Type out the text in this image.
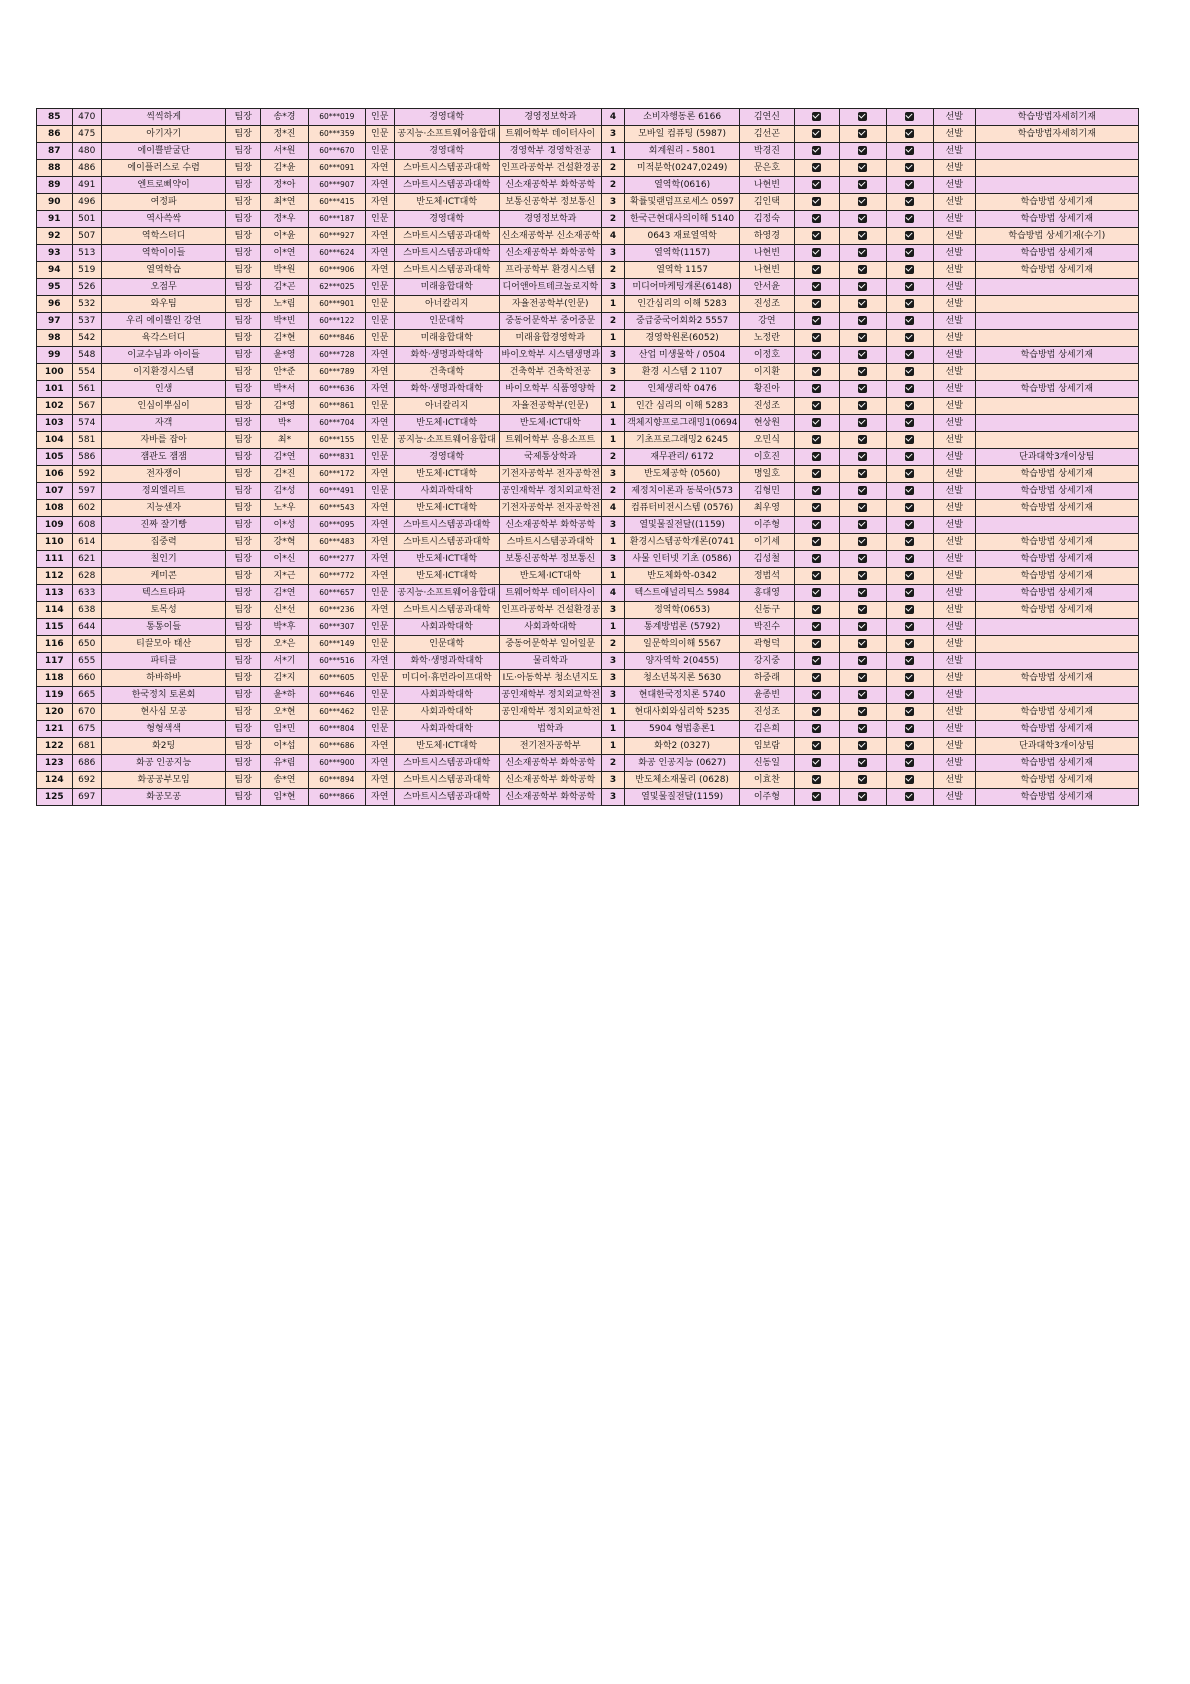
85	470	씩씩하게	팀장	송*경	60***019	인문	경영대학	경영정보학과	4	소비자행동론 6166	김연신				선발	학습방법자세히기재
86	475	아기자기	팀장	정*진	60***359	인문	공지능·소프트웨어융합대	트웨어학부 데이터사이	3	모바일 컴퓨팅 (5987)	김선곤				선발	학습방법자세히기재
87	480	에이쁠받굴단	팀장	서*원	60***670	인문	경영대학	경영학부 경영학전공	1	회계원리 - 5801	박경진				선발	
88	486	에이플러스로 수렴	팀장	김*윤	60***091	자연	스마트시스템공과대학	인프라공학부 건설환경공	2	미적분학(0247,0249)	문은호				선발	
89	491	엔트로삐약이	팀장	정*아	60***907	자연	스마트시스템공과대학	신소재공학부 화학공학	2	열역학(0616)	나현빈				선발	
90	496	여정파	팀장	최*연	60***415	자연	반도체·ICT대학	보통신공학부 정보통신	3	확률및랜덤프로세스 0597	김인택				선발	학습방법 상세기재
91	501	역사쓱싹	팀장	정*우	60***187	인문	경영대학	경영정보학과	2	한국근현대사의이해 5140	김정숙				선발	학습방법 상세기재
92	507	역학스터디	팀장	이*윤	60***927	자연	스마트시스템공과대학	신소재공학부 신소재공학	4	0643 재료열역학	하영경				선발	학습방법 상세기재(수기)
93	513	역학이이들	팀장	이*연	60***624	자연	스마트시스템공과대학	신소재공학부 화학공학	3	열역학(1157)	나현빈				선발	학습방법 상세기재
94	519	열역학습	팀장	박*원	60***906	자연	스마트시스템공과대학	프라공학부 환경시스템	2	열역학 1157	나현빈				선발	학습방법 상세기재
95	526	오점무	팀장	김*곤	62***025	인문	미래융합대학	디어앤아트테크놀로지학	3	미디어마케팅개론(6148)	안서윤				선발	
96	532	와우팀	팀장	노*림	60***901	인문	아너칼리지	자율전공학부(인문)	1	인간심리의 이해 5283	진성조				선발	
97	537	우리 에이쁠인 강연	팀장	박*빈	60***122	인문	인문대학	중동어문학부 중어중문	2	중급중국어회화2 5557	강연				선발	
98	542	육각스터디	팀장	김*현	60***846	인문	미래융합대학	미래융합경영학과	1	경영학원론(6052)	노정란				선발	
99	548	이교수님과 아이들	팀장	윤*영	60***728	자연	화학·생명과학대학	바이오학부 시스템생명과	3	산업 미생물학 / 0504	이정호				선발	학습방법 상세기재
100	554	이지환경시스템	팀장	안*준	60***789	자연	건축대학	건축학부 건축학전공	3	환경 시스템 2 1107	이지환				선발	
101	561	인생	팀장	박*서	60***636	자연	화학·생명과학대학	바이오학부 식품영양학	2	인체생리학 0476	황진아				선발	학습방법 상세기재
102	567	인심이뿌심이	팀장	김*영	60***861	인문	아너칼리지	자율전공학부(인문)	1	인간 심리의 이해 5283	진성조				선발	
103	574	자객	팀장	박*	60***704	자연	반도체·ICT대학	반도체·ICT대학	1	객체지향프로그래밍1(0694	현상원				선발	
104	581	자바를 잡아	팀장	최*	60***155	인문	공지능·소프트웨어융합대	트웨어학부 응용소프트	1	기초프로그래밍2 6245	오민식				선발	
105	586	잼관도 잼잼	팀장	김*연	60***831	인문	경영대학	국제통상학과	2	재무관리/ 6172	이호진				선발	단과대학3개이상팀
106	592	전자쟁이	팀장	김*진	60***172	자연	반도체·ICT대학	기전자공학부 전자공학전	3	반도체공학 (0560)	명일호				선발	학습방법 상세기재
107	597	정외엘리트	팀장	김*성	60***491	인문	사회과학대학	공인재학부 정치외교학전	2	제정치이론과 동북아(573	김형민				선발	학습방법 상세기재
108	602	지능센자	팀장	노*우	60***543	자연	반도체·ICT대학	기전자공학부 전자공학전	4	컴퓨터비전시스템 (0576)	최우영				선발	학습방법 상세기재
109	608	진짜 잘기빵	팀장	이*성	60***095	자연	스마트시스템공과대학	신소재공학부 화학공학	3	열및물질전달((1159)	이주형				선발	
110	614	집중력	팀장	강*혁	60***483	자연	스마트시스템공과대학	스마트시스템공과대학	1	환경시스템공학개론(0741	이기세				선발	학습방법 상세기재
111	621	칠인기	팀장	이*신	60***277	자연	반도체·ICT대학	보통신공학부 정보통신	3	사물 인터넷 기초 (0586)	김성철				선발	학습방법 상세기재
112	628	케미콘	팀장	지*근	60***772	자연	반도체·ICT대학	반도체·ICT대학	1	반도체화학-0342	정범석				선발	학습방법 상세기재
113	633	텍스트타파	팀장	김*연	60***657	인문	공지능·소프트웨어융합대	트웨어학부 데이터사이	4	텍스트애널리틱스 5984	홍대영				선발	학습방법 상세기재
114	638	토목성	팀장	신*선	60***236	자연	스마트시스템공과대학	인프라공학부 건설환경공	3	정역학(0653)	신동구				선발	학습방법 상세기재
115	644	통통이들	팀장	박*후	60***307	인문	사회과학대학	사회과학대학	1	통계방법론 (5792)	박진수				선발	
116	650	티끌모아 태산	팀장	오*은	60***149	인문	인문대학	중동어문학부 일어일문	2	일문학의이해 5567	곽형덕				선발	
117	655	파티클	팀장	서*기	60***516	자연	화학·생명과학대학	물리학과	3	양자역학 2(0455)	강지중				선발	
118	660	하바하바	팀장	김*지	60***605	인문	미디어·휴먼라이프대학	I도·아동학부 청소년지도	3	청소년복지론 5630	하중래				선발	학습방법 상세기재
119	665	한국정치 토론회	팀장	윤*하	60***646	인문	사회과학대학	공인재학부 정치외교학전	3	현대한국정치론 5740	윤종빈				선발	
120	670	현사심 모공	팀장	오*현	60***462	인문	사회과학대학	공인재학부 정치외교학전	1	현대사회와심리학 5235	진성조				선발	학습방법 상세기재
121	675	형형색색	팀장	임*민	60***804	인문	사회과학대학	법학과	1	5904 형법총론1	김은희				선발	학습방법 상세기재
122	681	화2팅	팀장	이*섭	60***686	자연	반도체·ICT대학	전기전자공학부	1	화학2 (0327)	임보람				선발	단과대학3개이상팀
123	686	화공 인공지능	팀장	유*림	60***900	자연	스마트시스템공과대학	신소재공학부 화학공학	2	화공 인공지능 (0627)	신동일				선발	학습방법 상세기재
124	692	화공공부모임	팀장	송*연	60***894	자연	스마트시스템공과대학	신소재공학부 화학공학	3	반도체소재물리 (0628)	이효찬				선발	학습방법 상세기재
125	697	화공모공	팀장	임*현	60***866	자연	스마트시스템공과대학	신소재공학부 화학공학	3	열및물질전달(1159)	이주형				선발	학습방법 상세기재
